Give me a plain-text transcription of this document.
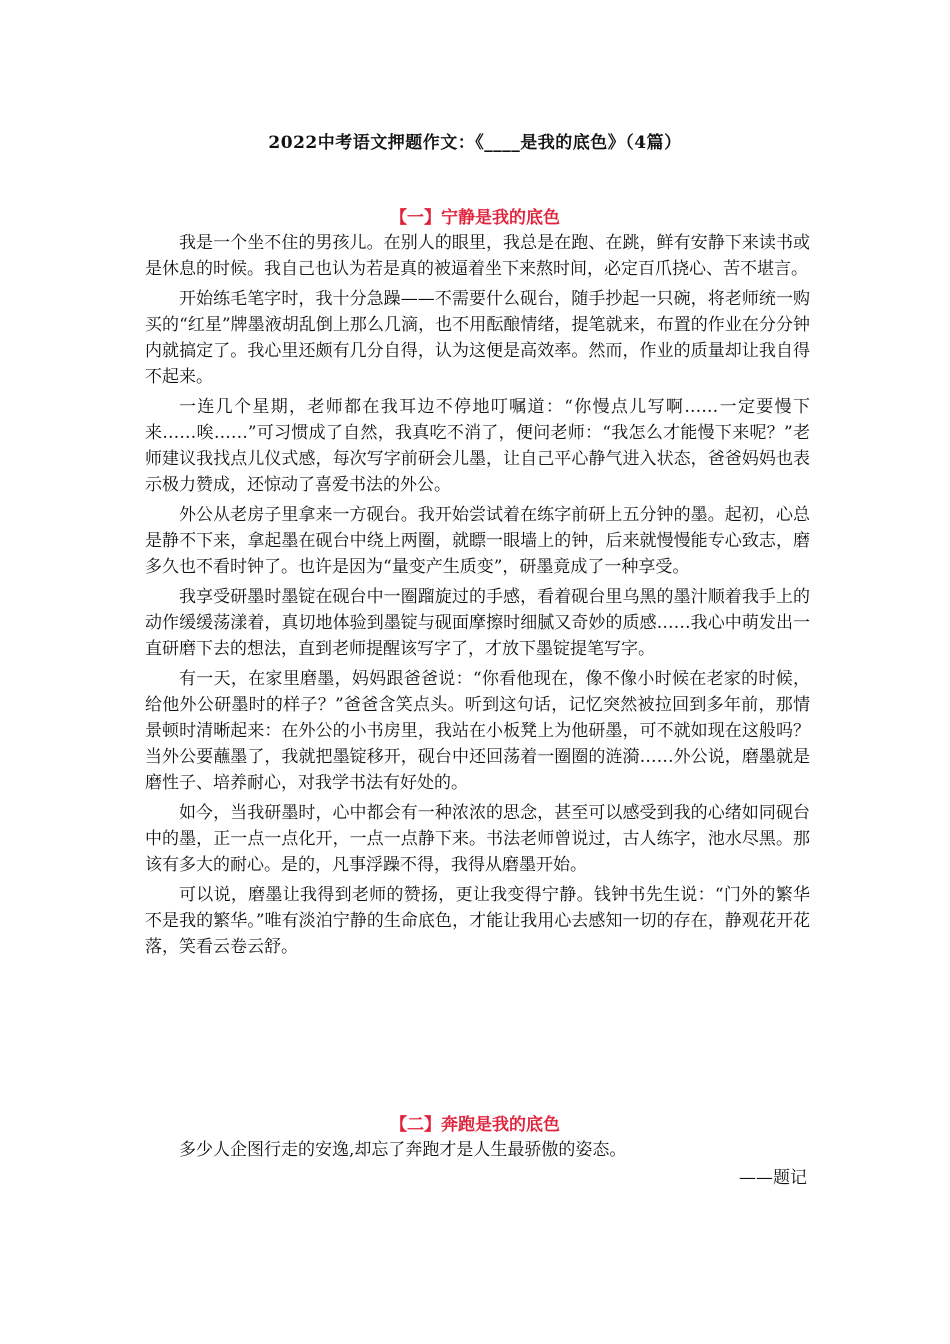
2022中考语文押题作文：《____是我的底色》（4篇）
【一】宁静是我的底色

我是一个坐不住的男孩儿。在别人的眼里，我总是在跑、在跳，鲜有安静下来读书或是休息的时候。我自己也认为若是真的被逼着坐下来熬时间，必定百爪挠心、苦不堪言。

开始练毛笔字时，我十分急躁——不需要什么砚台，随手抄起一只碗，将老师统一购买的“红星”牌墨液胡乱倒上那么几滴，也不用酝酿情绪，提笔就来，布置的作业在分分钟内就搞定了。我心里还颇有几分自得，认为这便是高效率。然而，作业的质量却让我自得不起来。

一连几个星期，老师都在我耳边不停地叮嘱道：“你慢点儿写啊……一定要慢下来……唉……”可习惯成了自然，我真吃不消了，便问老师：“我怎么才能慢下来呢？”老师建议我找点儿仪式感，每次写字前研会儿墨，让自己平心静气进入状态，爸爸妈妈也表示极力赞成，还惊动了喜爱书法的外公。

外公从老房子里拿来一方砚台。我开始尝试着在练字前研上五分钟的墨。起初，心总是静不下来，拿起墨在砚台中绕上两圈，就瞟一眼墙上的钟，后来就慢慢能专心致志，磨多久也不看时钟了。也许是因为“量变产生质变”，研墨竟成了一种享受。

我享受研墨时墨锭在砚台中一圈蹓旋过的手感，看着砚台里乌黑的墨汁顺着我手上的动作缓缓荡漾着，真切地体验到墨锭与砚面摩擦时细腻又奇妙的质感……我心中萌发出一直研磨下去的想法，直到老师提醒该写字了，才放下墨锭提笔写字。

有一天，在家里磨墨，妈妈跟爸爸说：“你看他现在，像不像小时候在老家的时候，给他外公研墨时的样子？”爸爸含笑点头。听到这句话，记忆突然被拉回到多年前，那情景顿时清晰起来：在外公的小书房里，我站在小板凳上为他研墨，可不就如现在这般吗？当外公要蘸墨了，我就把墨锭移开，砚台中还回荡着一圈圈的涟漪……外公说，磨墨就是磨性子、培养耐心，对我学书法有好处的。

如今，当我研墨时，心中都会有一种浓浓的思念，甚至可以感受到我的心绪如同砚台中的墨，正一点一点化开，一点一点静下来。书法老师曾说过，古人练字，池水尽黑。那该有多大的耐心。是的，凡事浮躁不得，我得从磨墨开始。

可以说，磨墨让我得到老师的赞扬，更让我变得宁静。钱钟书先生说：“门外的繁华不是我的繁华。”唯有淡泊宁静的生命底色，才能让我用心去感知一切的存在，静观花开花落，笑看云卷云舒。

【二】奔跑是我的底色

多少人企图行走的安逸,却忘了奔跑才是人生最骄傲的姿态。

——题记
